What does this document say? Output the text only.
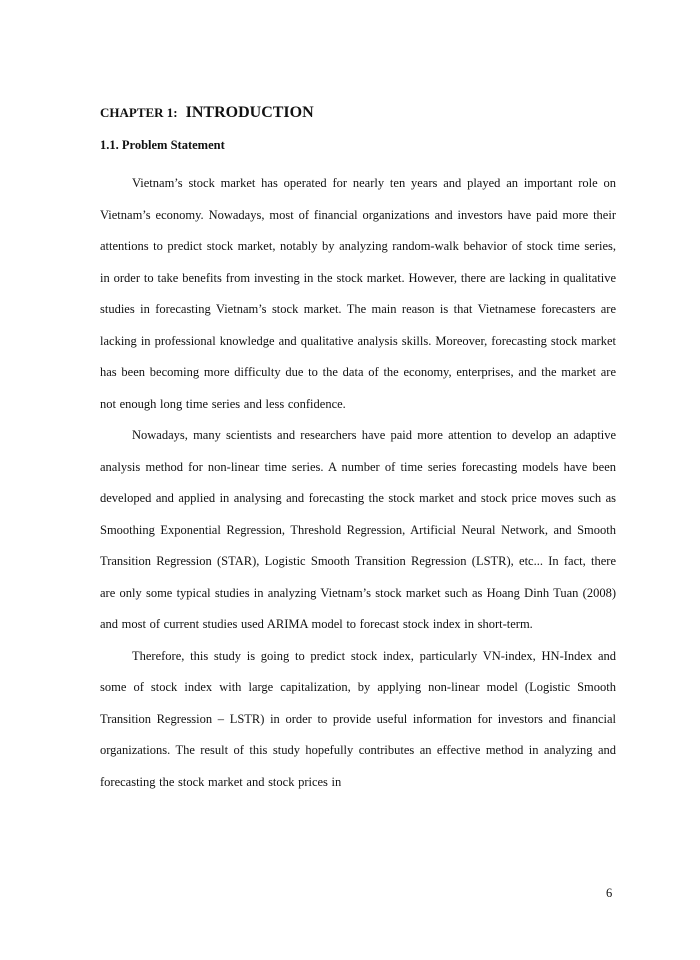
CHAPTER 1: INTRODUCTION
1.1. Problem Statement

Vietnam’s stock market has operated for nearly ten years and played an important role on Vietnam’s economy. Nowadays, most of financial organizations and investors have paid more their attentions to predict stock market, notably by analyzing random-walk behavior of stock time series, in order to take benefits from investing in the stock market. However, there are lacking in qualitative studies in forecasting Vietnam’s stock market. The main reason is that Vietnamese forecasters are lacking in professional knowledge and qualitative analysis skills. Moreover, forecasting stock market has been becoming more difficulty due to the data of the economy, enterprises, and the market are not enough long time series and less confidence.

Nowadays, many scientists and researchers have paid more attention to develop an adaptive analysis method for non-linear time series. A number of time series forecasting models have been developed and applied in analysing and forecasting the stock market and stock price moves such as Smoothing Exponential Regression, Threshold Regression, Artificial Neural Network, and Smooth Transition Regression (STAR), Logistic Smooth Transition Regression (LSTR), etc... In fact, there are only some typical studies in analyzing Vietnam’s stock market such as Hoang Dinh Tuan (2008) and most of current studies used ARIMA model to forecast stock index in short-term.

Therefore, this study is going to predict stock index, particularly VN-index, HN-Index and some of stock index with large capitalization, by applying non-linear model (Logistic Smooth Transition Regression – LSTR) in order to provide useful information for investors and financial organizations. The result of this study hopefully contributes an effective method in analyzing and forecasting the stock market and stock prices in

6
